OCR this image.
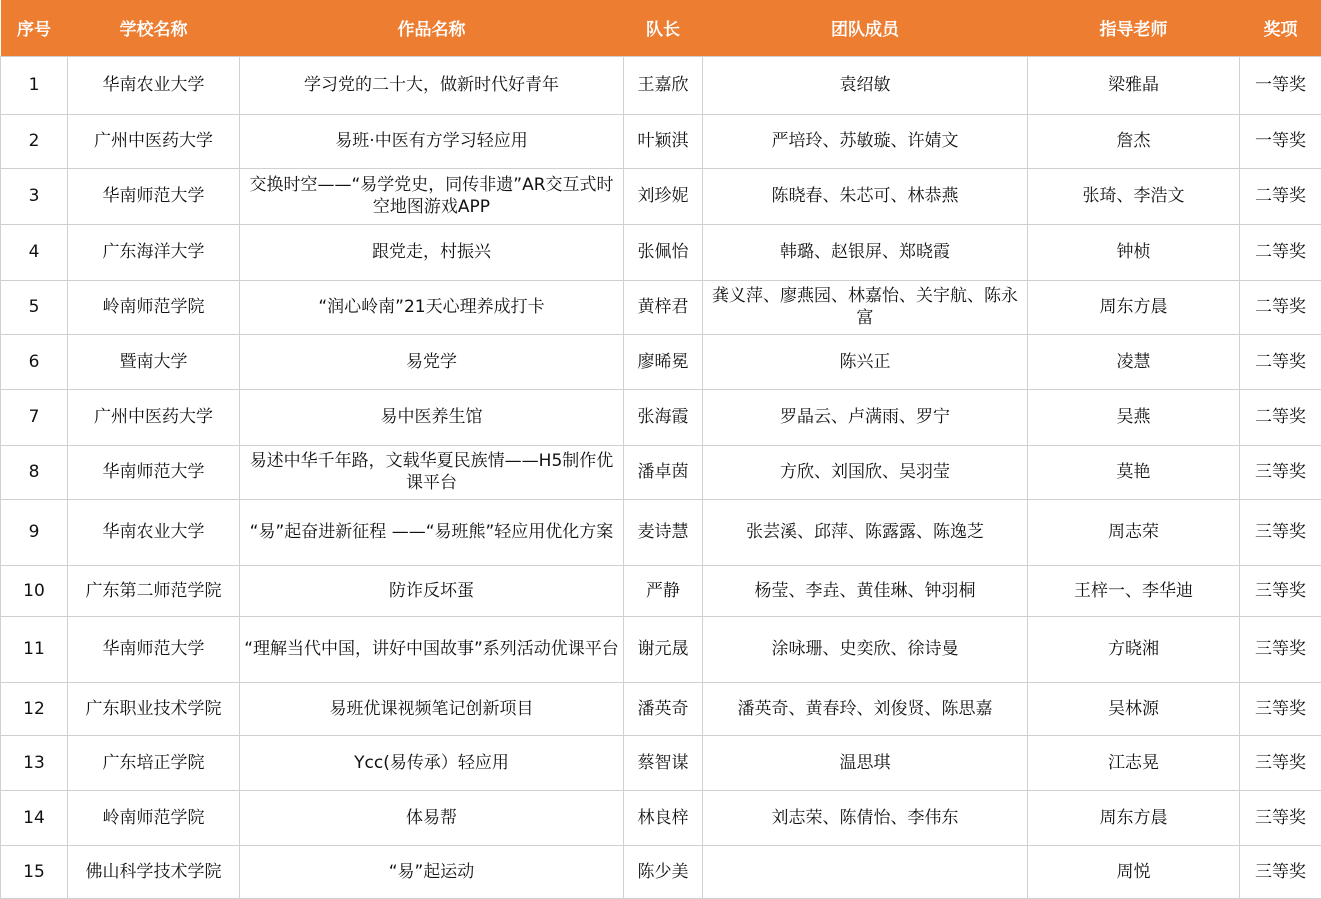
序号	学校名称	作品名称	队长	团队成员	指导老师	奖项
1	华南农业大学	学习党的二十大，做新时代好青年	王嘉欣	袁绍敏	梁雅晶	一等奖
2	广州中医药大学	易班·中医有方学习轻应用	叶颖淇	严培玲、苏敏璇、许婧文	詹杰	一等奖
3	华南师范大学	交换时空——“易学党史，同传非遗”AR交互式时空地图游戏APP	刘珍妮	陈晓春、朱芯可、林恭燕	张琦、李浩文	二等奖
4	广东海洋大学	跟党走，村振兴	张佩怡	韩璐、赵银屏、郑晓霞	钟桢	二等奖
5	岭南师范学院	“润心岭南”21天心理养成打卡	黄梓君	龚义萍、廖燕园、林嘉怡、关宇航、陈永富	周东方晨	二等奖
6	暨南大学	易党学	廖晞冕	陈兴正	凌慧	二等奖
7	广州中医药大学	易中医养生馆	张海霞	罗晶云、卢满雨、罗宁	吴燕	二等奖
8	华南师范大学	易述中华千年路，文载华夏民族情——H5制作优课平台	潘卓茵	方欣、刘国欣、吴羽莹	莫艳	三等奖
9	华南农业大学	“易”起奋进新征程 ——“易班熊”轻应用优化方案	麦诗慧	张芸溪、邱萍、陈露露、陈逸芝	周志荣	三等奖
10	广东第二师范学院	防诈反坏蛋	严静	杨莹、李垚、黄佳琳、钟羽桐	王梓一、李华迪	三等奖
11	华南师范大学	“理解当代中国，讲好中国故事”系列活动优课平台	谢元晟	涂咏珊、史奕欣、徐诗曼	方晓湘	三等奖
12	广东职业技术学院	易班优课视频笔记创新项目	潘英奇	潘英奇、黄春玲、刘俊贤、陈思嘉	吴林源	三等奖
13	广东培正学院	Ycc(易传承）轻应用	蔡智谋	温思琪	江志晃	三等奖
14	岭南师范学院	体易帮	林良梓	刘志荣、陈倩怡、李伟东	周东方晨	三等奖
15	佛山科学技术学院	“易”起运动	陈少美		周悦	三等奖
